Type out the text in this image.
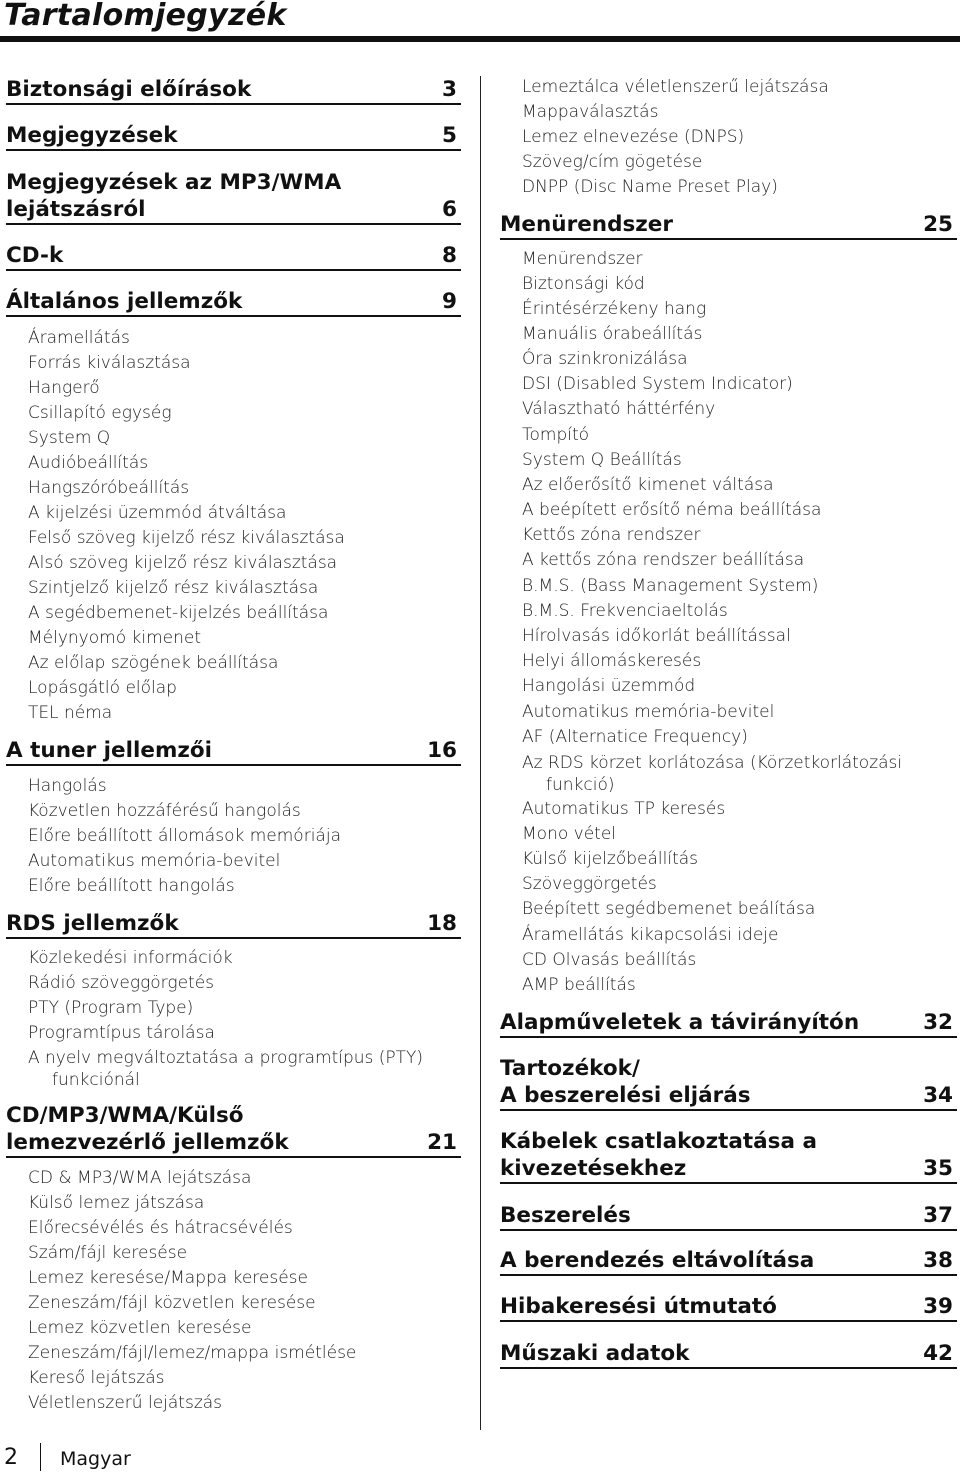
Tartalomjegyzék
Biztonsági előírások	3
Megjegyzések	5
Megjegyzések az MP3/WMA
lejátszásról	6
CD-k	8
Általános jellemzők	9
Áramellátás
Forrás kiválasztása
Hangerő
Csillapító egység
System Q
Audióbeállítás
Hangszóróbeállítás
A kijelzési üzemmód átváltása
Felső szöveg kijelző rész kiválasztása
Alsó szöveg kijelző rész kiválasztása
Szintjelző kijelző rész kiválasztása
A segédbemenet-kijelzés beállítása
Mélynyomó kimenet
Az előlap szögének beállítása
Lopásgátló előlap
TEL néma
A tuner jellemzői	16
Hangolás
Közvetlen hozzáférésű hangolás
Előre beállított állomások memóriája
Automatikus memória-bevitel
Előre beállított hangolás
RDS jellemzők	18
Közlekedési információk
Rádió szöveggörgetés
PTY (Program Type)
Programtípus tárolása
A nyelv megváltoztatása a programtípus (PTY) funkciónál
CD/MP3/WMA/Külső
lemezvezérlő jellemzők	21
CD & MP3/WMA lejátszása
Külső lemez játszása
Előrecsévélés és hátracsévélés
Szám/fájl keresése
Lemez keresése/Mappa keresése
Zeneszám/fájl közvetlen keresése
Lemez közvetlen keresése
Zeneszám/fájl/lemez/mappa ismétlése
Kereső lejátszás
Véletlenszerű lejátszás
Lemeztálca véletlenszerű lejátszása
Mappaválasztás
Lemez elnevezése (DNPS)
Szöveg/cím gögetése
DNPP (Disc Name Preset Play)
Menürendszer	25
Menürendszer
Biztonsági kód
Érintésérzékeny hang
Manuális órabeállítás
Óra szinkronizálása
DSI (Disabled System Indicator)
Választható háttérfény
Tompító
System Q Beállítás
Az előerősítő kimenet váltása
A beépített erősítő néma beállítása
Kettős zóna rendszer
A kettős zóna rendszer beállítása
B.M.S. (Bass Management System)
B.M.S. Frekvenciaeltolás
Hírolvasás időkorlát beállítással
Helyi állomáskeresés
Hangolási üzemmód
Automatikus memória-bevitel
AF (Alternatice Frequency)
Az RDS körzet korlátozása (Körzetkorlátozási funkció)
Automatikus TP keresés
Mono vétel
Külső kijelzőbeállítás
Szöveggörgetés
Beépített segédbemenet beálítása
Áramellátás kikapcsolási ideje
CD Olvasás beállítás
AMP beállítás
Alapműveletek a távirányítón	32
Tartozékok/
A beszerelési eljárás	34
Kábelek csatlakoztatása a
kivezetésekhez	35
Beszerelés	37
A berendezés eltávolítása	38
Hibakeresési útmutató	39
Műszaki adatok	42
2 Magyar
